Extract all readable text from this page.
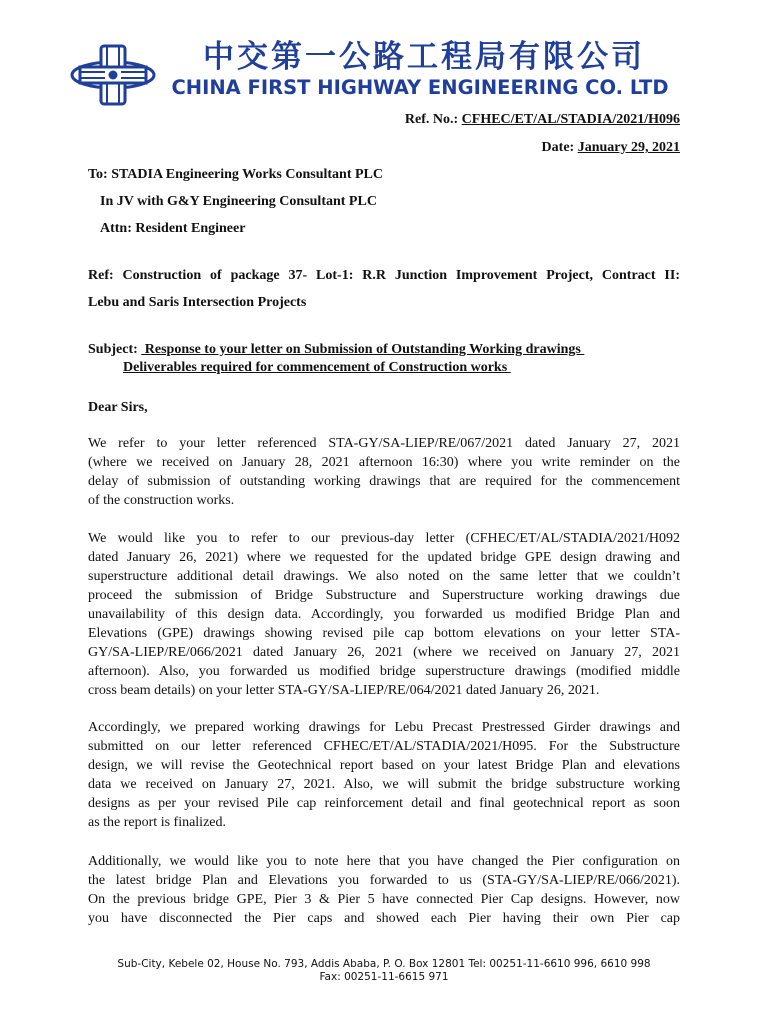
中交第一公路工程局有限公司
CHINA FIRST HIGHWAY ENGINEERING CO. LTD
Ref. No.: CFHEC/ET/AL/STADIA/2021/H096
Date: January 29, 2021
To: STADIA Engineering Works Consultant PLC
In JV with G&Y Engineering Consultant PLC
Attn: Resident Engineer
Ref: Construction of package 37- Lot-1: R.R Junction Improvement Project, Contract II:
Lebu and Saris Intersection Projects
Subject:  Response to your letter on Submission of Outstanding Working drawings
Deliverables required for commencement of Construction works
Dear Sirs,
We refer to your letter referenced STA-GY/SA-LIEP/RE/067/2021 dated January 27, 2021
(where we received on January 28, 2021 afternoon 16:30) where you write reminder on the
delay of submission of outstanding working drawings that are required for the commencement
of the construction works.
We would like you to refer to our previous-day letter (CFHEC/ET/AL/STADIA/2021/H092
dated January 26, 2021) where we requested for the updated bridge GPE design drawing and
superstructure additional detail drawings. We also noted on the same letter that we couldn’t
proceed the submission of Bridge Substructure and Superstructure working drawings due
unavailability of this design data. Accordingly, you forwarded us modified Bridge Plan and
Elevations (GPE) drawings showing revised pile cap bottom elevations on your letter STA-
GY/SA-LIEP/RE/066/2021 dated January 26, 2021 (where we received on January 27, 2021
afternoon). Also, you forwarded us modified bridge superstructure drawings (modified middle
cross beam details) on your letter STA-GY/SA-LIEP/RE/064/2021 dated January 26, 2021.
Accordingly, we prepared working drawings for Lebu Precast Prestressed Girder drawings and
submitted on our letter referenced CFHEC/ET/AL/STADIA/2021/H095. For the Substructure
design, we will revise the Geotechnical report based on your latest Bridge Plan and elevations
data we received on January 27, 2021. Also, we will submit the bridge substructure working
designs as per your revised Pile cap reinforcement detail and final geotechnical report as soon
as the report is finalized.
Additionally, we would like you to note here that you have changed the Pier configuration on
the latest bridge Plan and Elevations you forwarded to us (STA-GY/SA-LIEP/RE/066/2021).
On the previous bridge GPE, Pier 3 & Pier 5 have connected Pier Cap designs. However, now
you have disconnected the Pier caps and showed each Pier having their own Pier cap
Sub-City, Kebele 02, House No. 793, Addis Ababa, P. O. Box 12801 Tel: 00251-11-6610 996, 6610 998
Fax: 00251-11-6615 971
